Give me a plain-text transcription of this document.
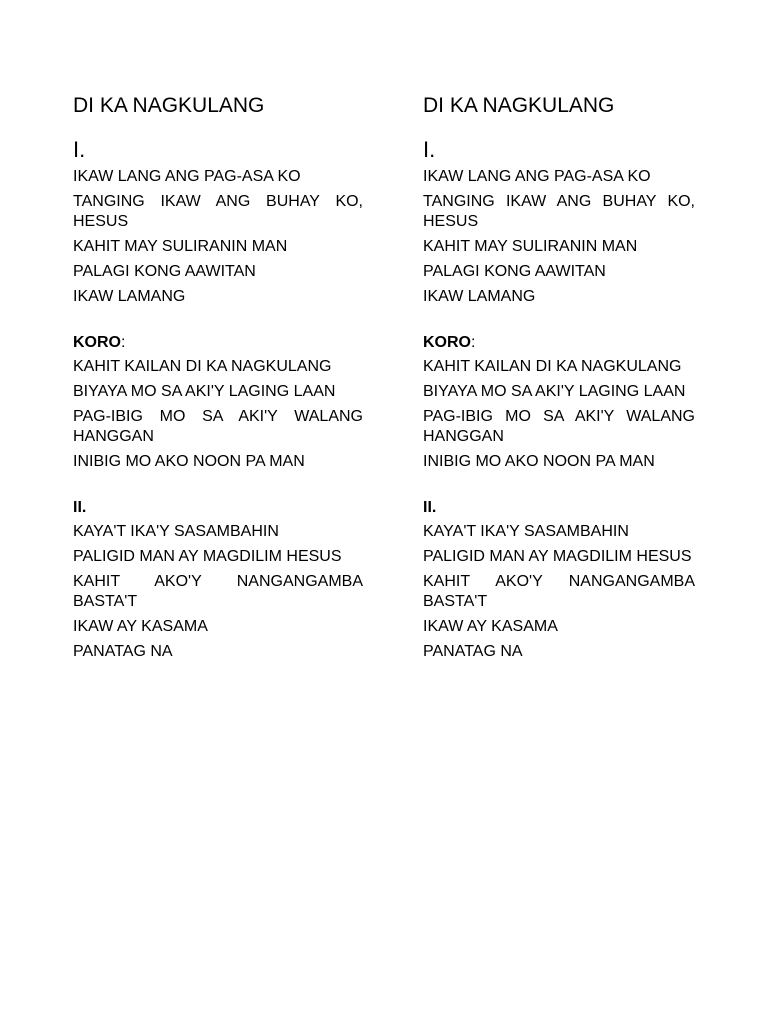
DI KA NAGKULANG
I.
IKAW LANG ANG PAG-ASA KO
TANGING IKAW ANG BUHAY KO, HESUS
KAHIT MAY SULIRANIN MAN
PALAGI KONG AAWITAN
IKAW LAMANG
KORO:
KAHIT KAILAN DI KA NAGKULANG
BIYAYA MO SA AKI'Y LAGING LAAN
PAG-IBIG MO SA AKI'Y WALANG HANGGAN
INIBIG MO AKO NOON PA MAN
II.
KAYA'T IKA'Y SASAMBAHIN
PALIGID MAN AY MAGDILIM HESUS
KAHIT AKO'Y NANGANGAMBA BASTA'T
IKAW AY KASAMA
PANATAG NA
DI KA NAGKULANG
I.
IKAW LANG ANG PAG-ASA KO
TANGING IKAW ANG BUHAY KO, HESUS
KAHIT MAY SULIRANIN MAN
PALAGI KONG AAWITAN
IKAW LAMANG
KORO:
KAHIT KAILAN DI KA NAGKULANG
BIYAYA MO SA AKI'Y LAGING LAAN
PAG-IBIG MO SA AKI'Y WALANG HANGGAN
INIBIG MO AKO NOON PA MAN
II.
KAYA'T IKA'Y SASAMBAHIN
PALIGID MAN AY MAGDILIM HESUS
KAHIT AKO'Y NANGANGAMBA BASTA'T
IKAW AY KASAMA
PANATAG NA
